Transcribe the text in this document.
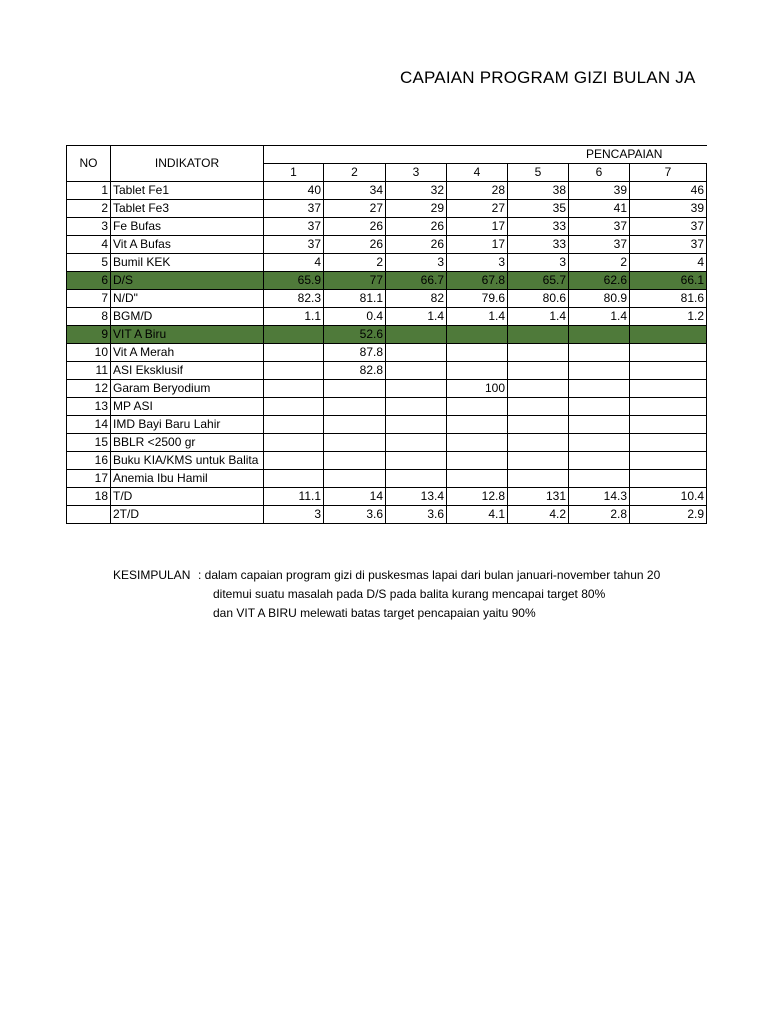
CAPAIAN PROGRAM GIZI BULAN JA
NO	INDIKATOR	PENCAPAIAN						
		1	2	3	4	5	6	7
1	Tablet Fe1	40	34	32	28	38	39	46
2	Tablet Fe3	37	27	29	27	35	41	39
3	Fe Bufas	37	26	26	17	33	37	37
4	Vit A Bufas	37	26	26	17	33	37	37
5	Bumil KEK	4	2	3	3	3	2	4
6	D/S	65.9	77	66.7	67.8	65.7	62.6	66.1
7	N/D"	82.3	81.1	82	79.6	80.6	80.9	81.6
8	BGM/D	1.1	0.4	1.4	1.4	1.4	1.4	1.2
9	VIT A Biru		52.6					
10	Vit A Merah		87.8					
11	ASI Eksklusif		82.8					
12	Garam Beryodium				100			
13	MP ASI							
14	IMD Bayi Baru Lahir							
15	BBLR <2500 gr							
16	Buku KIA/KMS untuk Balita							
17	Anemia Ibu Hamil							
18	T/D	11.1	14	13.4	12.8	131	14.3	10.4
	2T/D	3	3.6	3.6	4.1	4.2	2.8	2.9
KESIMPULAN : dalam capaian program gizi di puskesmas lapai dari bulan januari-november tahun 20
ditemui suatu masalah pada D/S pada balita kurang mencapai target 80%
dan VIT A BIRU melewati batas target pencapaian yaitu 90%
